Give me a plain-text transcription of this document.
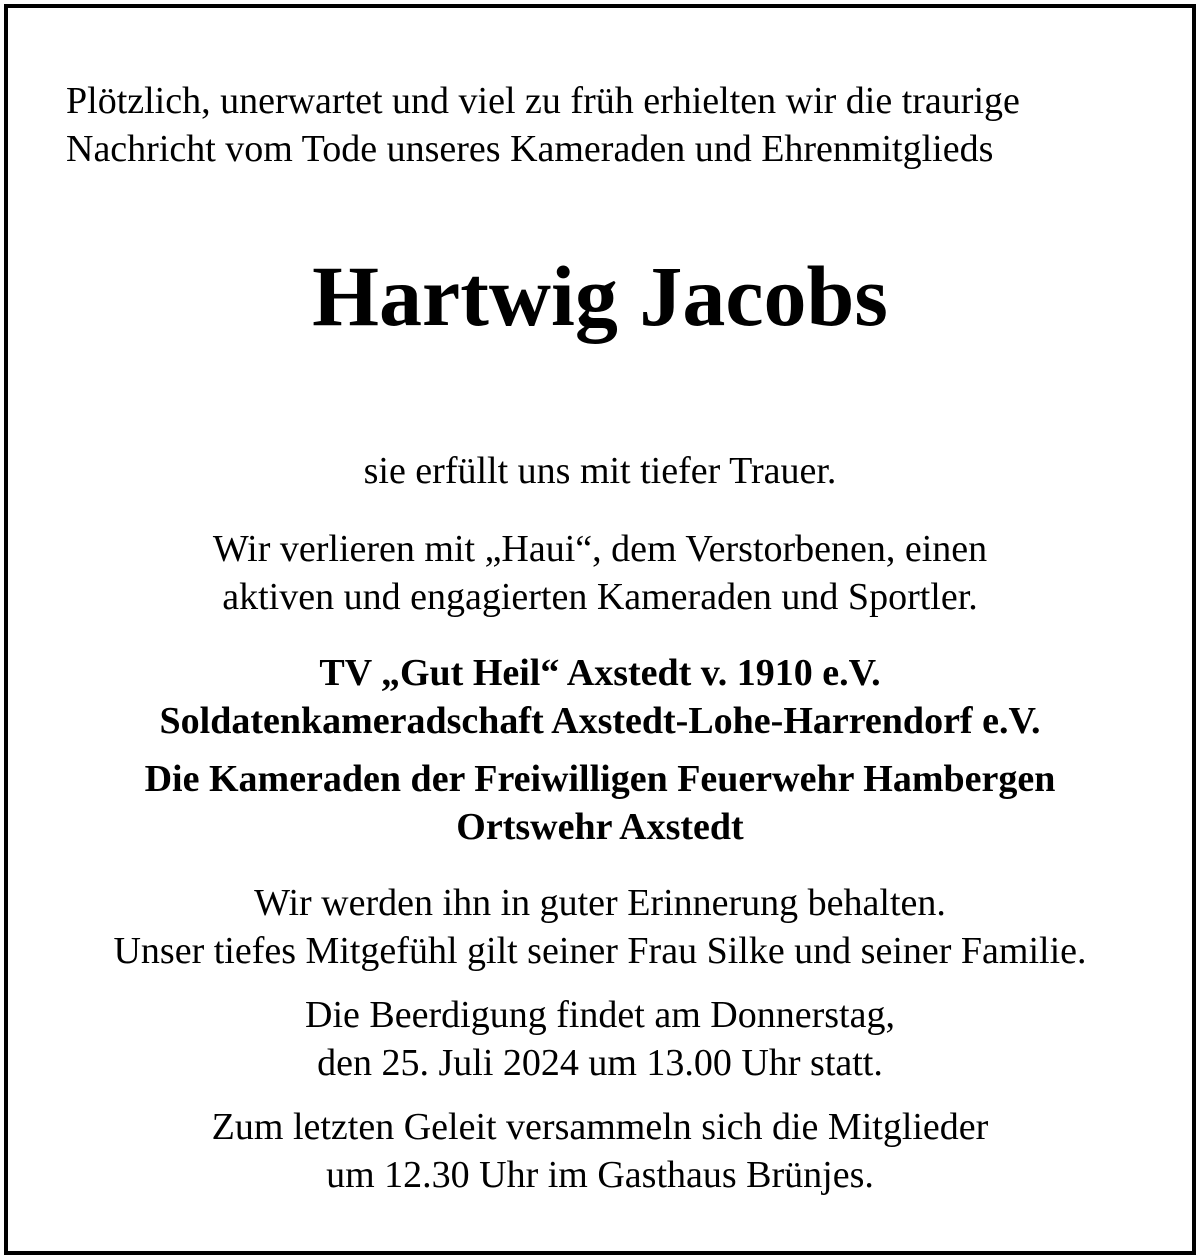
Plötzlich, unerwartet und viel zu früh erhielten wir die traurige
Nachricht vom Tode unseres Kameraden und Ehrenmitglieds
Hartwig Jacobs
sie erfüllt uns mit tiefer Trauer.
Wir verlieren mit „Haui“, dem Verstorbenen, einen
aktiven und engagierten Kameraden und Sportler.
TV „Gut Heil“ Axstedt v. 1910 e.V.
Soldatenkameradschaft Axstedt-Lohe-Harrendorf e.V.
Die Kameraden der Freiwilligen Feuerwehr Hambergen
Ortswehr Axstedt
Wir werden ihn in guter Erinnerung behalten.
Unser tiefes Mitgefühl gilt seiner Frau Silke und seiner Familie.
Die Beerdigung findet am Donnerstag,
den 25. Juli 2024 um 13.00 Uhr statt.
Zum letzten Geleit versammeln sich die Mitglieder
um 12.30 Uhr im Gasthaus Brünjes.
